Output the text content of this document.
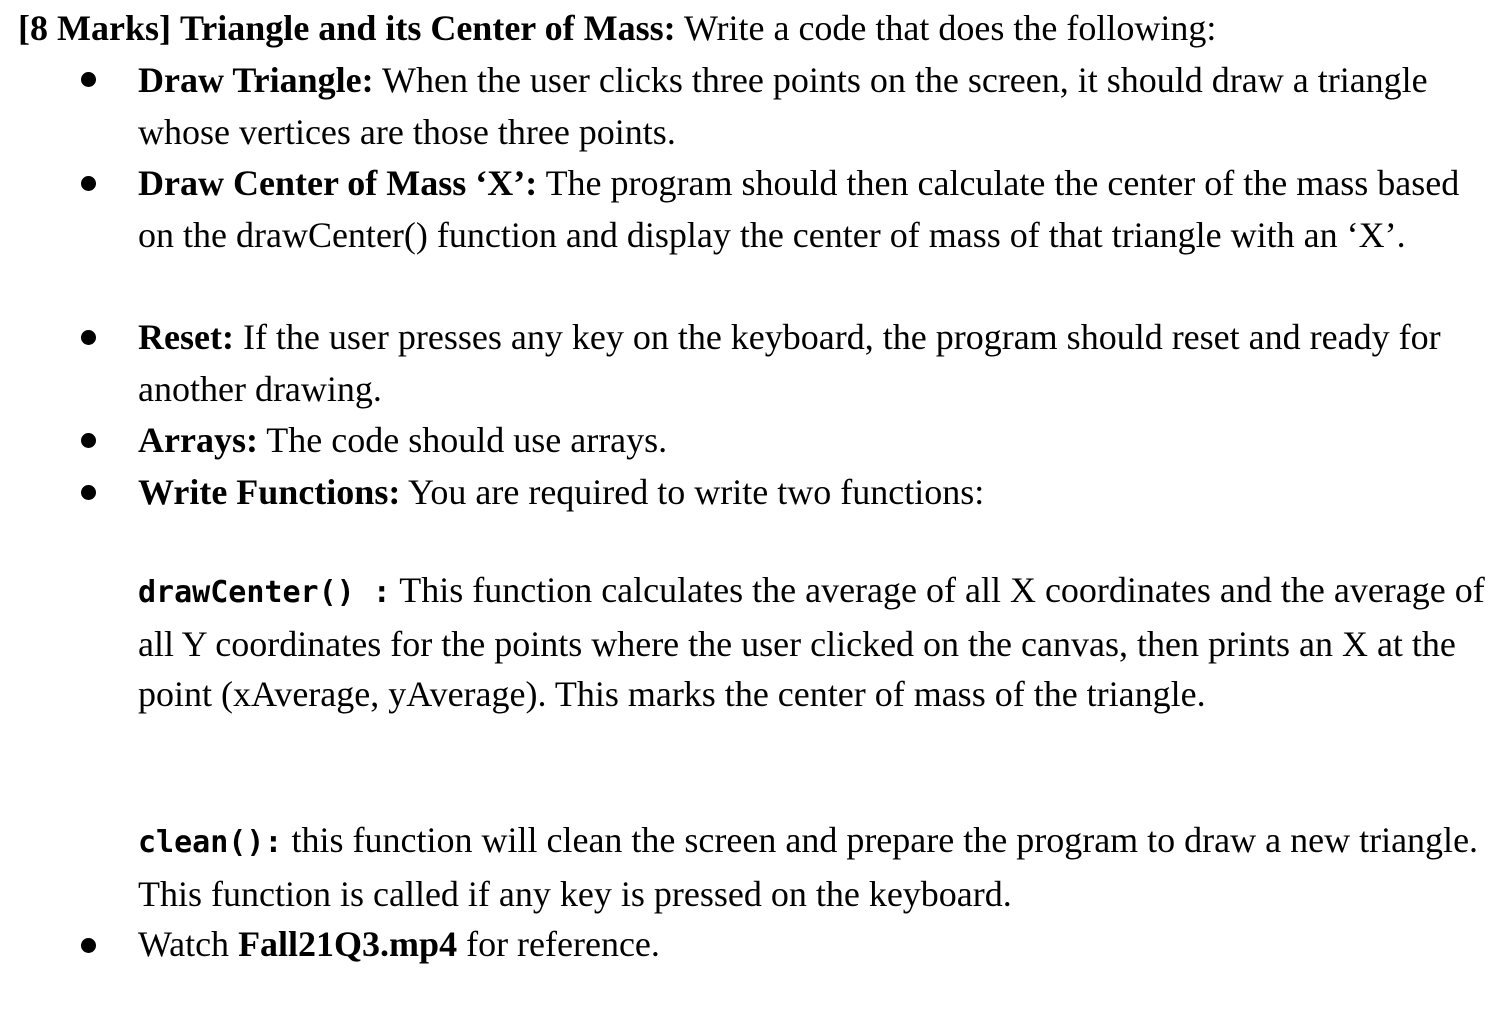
[8 Marks] Triangle and its Center of Mass: Write a code that does the following:

Draw Triangle: When the user clicks three points on the screen, it should draw a triangle whose vertices are those three points.

Draw Center of Mass ‘X’: The program should then calculate the center of the mass based on the drawCenter() function and display the center of mass of that triangle with an ‘X’.

Reset: If the user presses any key on the keyboard, the program should reset and ready for another drawing.

Arrays: The code should use arrays.

Write Functions: You are required to write two functions:

drawCenter() : This function calculates the average of all X coordinates and the average of all Y coordinates for the points where the user clicked on the canvas, then prints an X at the point (xAverage, yAverage). This marks the center of mass of the triangle.
clean(): this function will clean the screen and prepare the program to draw a new triangle. This function is called if any key is pressed on the keyboard.

Watch Fall21Q3.mp4 for reference.
